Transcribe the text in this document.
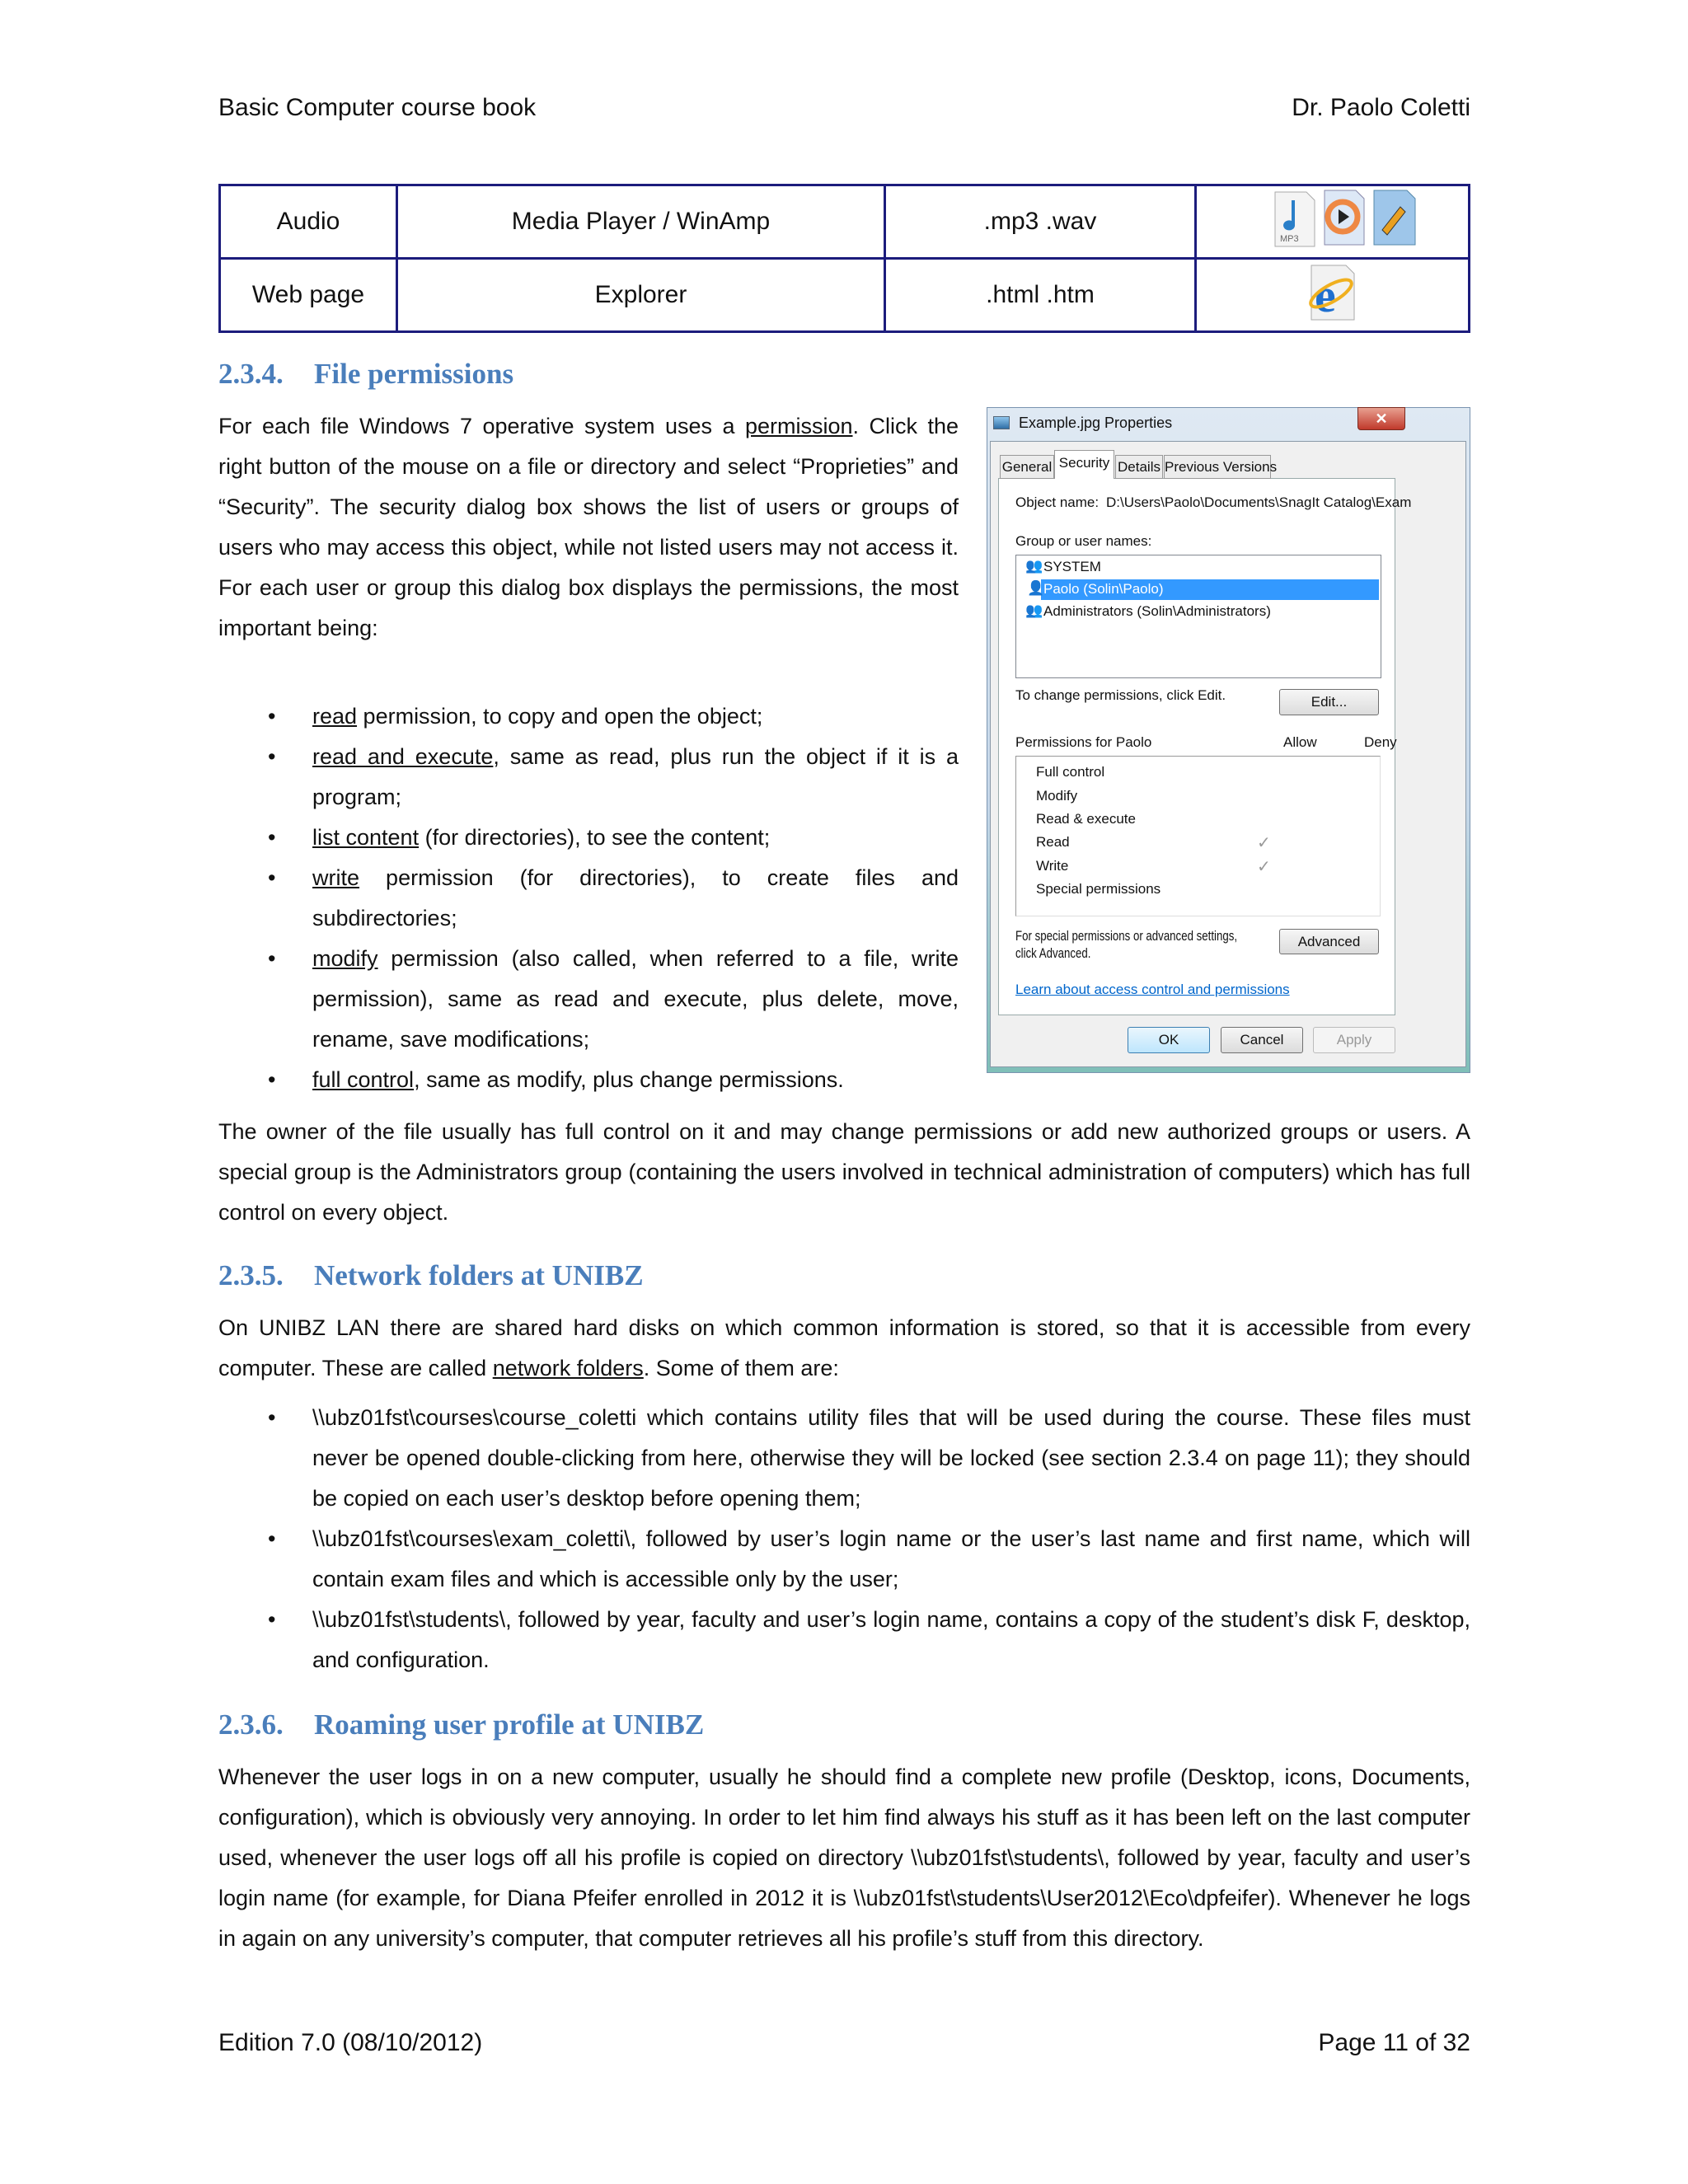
Basic Computer course book	Dr. Paolo Coletti
Audio	Media Player / WinAmp	.mp3 .wav	MP3

Web page	Explorer	.html .htm	e
2.3.4. File permissions
For each file Windows 7 operative system uses a permission. Click the right button of the mouse on a file or directory and select “Proprieties” and “Security”. The security dialog box shows the list of users or groups of users who may access this object, while not listed users may not access it. For each user or group this dialog box displays the permissions, the most important being:
• read permission, to copy and open the object;
• read and execute, same as read, plus run the object if it is a program;
• list content (for directories), to see the content;
• write permission (for directories), to create files and subdirectories;
• modify permission (also called, when referred to a file, write permission), same as read and execute, plus delete, move, rename, save modifications;
• full control, same as modify, plus change permissions.
The owner of the file usually has full control on it and may change permissions or add new authorized groups or users. A special group is the Administrators group (containing the users involved in technical administration of computers) which has full control on every object.
Example.jpg Properties	✕
General Security Details Previous Versions
Object name: D:\Users\Paolo\Documents\SnagIt Catalog\Exam
Group or user names:
👥 SYSTEM
👤
Paolo (Solin\Paolo)
👥 Administrators (Solin\Administrators)
To change permissions, click Edit.	Edit...
Permissions for Paolo	Allow	Deny
Full control
Modify
Read & execute
Read	✓
Write	✓
Special permissions
For special permissions or advanced settings,
click Advanced.
Advanced
Learn about access control and permissions
OK	Cancel	Apply
2.3.5. Network folders at UNIBZ
On UNIBZ LAN there are shared hard disks on which common information is stored, so that it is accessible from every computer. These are called network folders. Some of them are:
• \\ubz01fst\courses\course_coletti which contains utility files that will be used during the course. These files must never be opened double-clicking from here, otherwise they will be locked (see section 2.3.4 on page 11); they should be copied on each user’s desktop before opening them;
• \\ubz01fst\courses\exam_coletti\, followed by user’s login name or the user’s last name and first name, which will contain exam files and which is accessible only by the user;
• \\ubz01fst\students\, followed by year, faculty and user’s login name, contains a copy of the student’s disk F, desktop, and configuration.
2.3.6. Roaming user profile at UNIBZ
Whenever the user logs in on a new computer, usually he should find a complete new profile (Desktop, icons, Documents, configuration), which is obviously very annoying. In order to let him find always his stuff as it has been left on the last computer used, whenever the user logs off all his profile is copied on directory \\ubz01fst\students\, followed by year, faculty and user’s login name (for example, for Diana Pfeifer enrolled in 2012 it is \\ubz01fst\students\User2012\Eco\dpfeifer). Whenever he logs in again on any university’s computer, that computer retrieves all his profile’s stuff from this directory.
Edition 7.0 (08/10/2012)	Page 11 of 32
